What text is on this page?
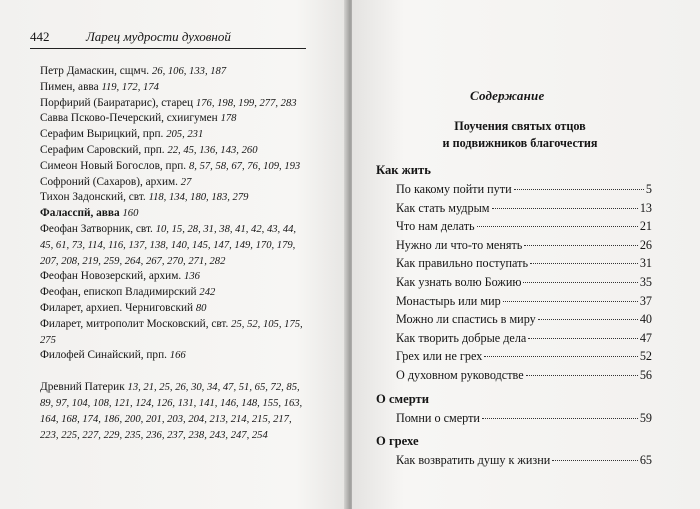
442	Ларец мудрости духовной
Петр Дамаскин, сщмч. 26, 106, 133, 187
Пимен, авва 119, 172, 174
Порфирий (Баиратарис), старец 176, 198, 199, 277, 283
Савва Псково-Печерский, схиигумен 178
Серафим Вырицкий, прп. 205, 231
Серафим Саровский, прп. 22, 45, 136, 143, 260
Симеон Новый Богослов, прп. 8, 57, 58, 67, 76, 109, 193
Софроний (Сахаров), архим. 27
Тихон Задонский, свт. 118, 134, 180, 183, 279
Фаласспй, авва 160
Феофан Затворник, свт. 10, 15, 28, 31, 38, 41, 42, 43, 44, 45, 61, 73, 114, 116, 137, 138, 140, 145, 147, 149, 170, 179, 207, 208, 219, 259, 264, 267, 270, 271, 282
Феофан Новозерский, архим. 136
Феофан, епископ Владимирский 242
Филарет, архиеп. Черниговский 80
Филарет, митрополит Московский, свт. 25, 52, 105, 175, 275
Филофей Синайский, прп. 166
Древний Патерик 13, 21, 25, 26, 30, 34, 47, 51, 65, 72, 85, 89, 97, 104, 108, 121, 124, 126, 131, 141, 146, 148, 155, 163, 164, 168, 174, 186, 200, 201, 203, 204, 213, 214, 215, 217, 223, 225, 227, 229, 235, 236, 237, 238, 243, 247, 254
Содержание
Поучения святых отцов
и подвижников благочестия
Как жить
По какому пойти пути	5
Как стать мудрым	13
Что нам делать	21
Нужно ли что-то менять	26
Как правильно поступать	31
Как узнать волю Божию	35
Монастырь или мир	37
Можно ли спастись в миру	40
Как творить добрые дела	47
Грех или не грех	52
О духовном руководстве	56
О смерти
Помни о смерти	59
О грехе
Как возвратить душу к жизни	65
